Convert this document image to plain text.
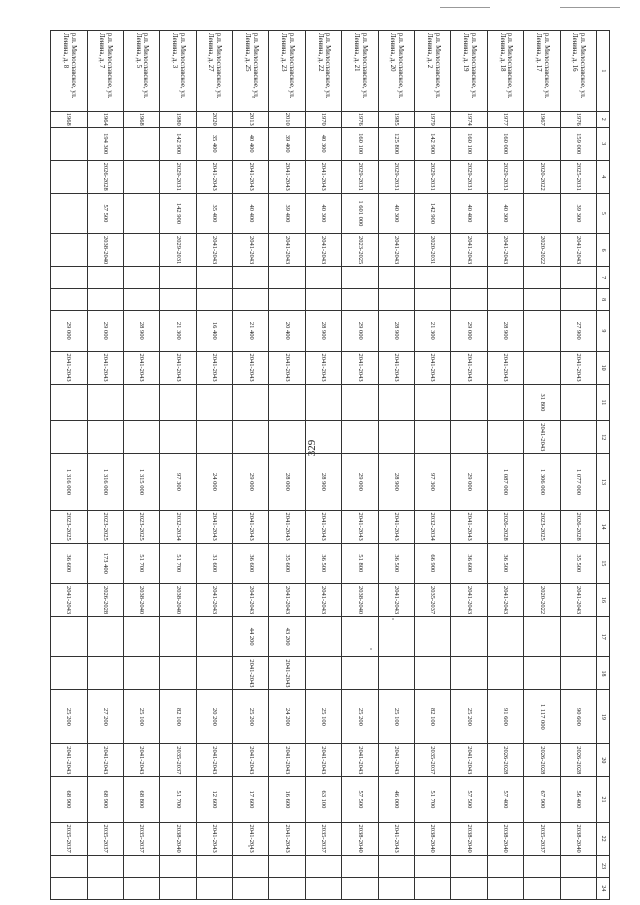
329
1	2	3	4	5	6	7	8	9	10	11	12	13	14	15	16	17	18	19	20	21	22	23	24
р.п. Милославское, ул. Ленина, д. 16	1976	159 000	2025-2031	39 300	2041-2043			27 900	2041-2043			1 077 000	2026-2028	35 500	2041-2043			90 600	2026-2028	56 400	2038-2040		
р.п. Милославское, ул. Ленина, д. 17	1967		2020-2022		2020-2022					31 800	2041-2043	1 306 000	2023-2025		2020-2022			1 117 000	2026-2028	67 900	2035-2037		
р.п. Милославское, ул. Ленина, д. 18	1977	160 000	2029-2031	40 300	2041-2043			28 900	2041-2043			1 087 000	2026-2028	36 500	2041-2043			91 600	2026-2028	57 400	2038-2040		
р.п. Милославское, ул. Ленина, д. 19	1974	160 100	2029-2031	40 400	2041-2043			29 000	2041-2043			29 000	2041-2043	36 600	2041-2043			25 200	2041-2043	57 500	2038-2040		
р.п. Милославское, ул. Ленина, д. 2	1979	142 900	2029-2031	142 900	2020-2031			21 300	2041-2043			97 300	2032-2034	66 900	2035-2037			82 100	2035-2037	51 700	2038-2040		
р.п. Милославское, ул. Ленина, д. 20	1985	125 800	2029-2031	40 300	2041-2043			28 900	2041-2043			28 900	2041-2043	36 500	2041-2043			25 100	2041-2043	46 000	2041-2043		
р.п. Милославское, ул. Ленина, д. 21	1976	160 100	2029-2031	1 601 000	2023-2025			29 000	2041-2043			29 000	2041-2043	51 800	2038-2040			25 200	2041-2043	57 500	2038-2040		
р.п. Милославское, ул. Ленина, д. 22	1970	40 300	2041-2043	40 300	2041-2043			28 900	2041-2043			28 900	2041-2043	36 500	2041-2043			25 100	2041-2043	63 100	2035-2037		
р.п. Милославское, ул. Ленина, д. 23	2010	39 400	2041-2043	39 400	2041-2043			20 400	2041-2043			28 000	2041-2043	35 600	2041-2043	43 200	2041-2043	24 200	2041-2043	16 600	2041-2043		
р.п. Милославское, ул. Ленина, д. 25	2013	40 400	2041-2043	40 400	2041-2043			21 400	2041-2043			29 000	2041-2043	36 600	2041-2043	44 200	2041-2043	25 200	2041-2043	17 600	2041-2043		
р.п. Милославское, ул. Ленина, д. 27	2020	35 400	2041-2043	35 400	2041-2043			16 400	2041-2043			24 000	2041-2043	31 600	2041-2043			20 200	2041-2043	12 600	2041-2043		
р.п. Милославское, ул. Ленина, д. 3	1980	142 900	2029-2031	142 900	2029-2031			21 300	2041-2043			97 300	2032-2034	51 700	2038-2040			82 100	2035-2037	51 700	2038-2040		
р.п. Милославское, ул. Ленина, д. 5	1968							28 900	2041-2043			1 315 000	2023-2025	51 700	2038-2040			25 100	2041-2043	68 800	2035-2037		
р.п. Милославское, ул. Ленина, д. 7	1964	194 300	2026-2028	57 500	2038-2040			29 000	2041-2043			1 316 000	2023-2025	173 400	2026-2028			27 200	2041-2043	68 900	2035-2037		
р.п. Милославское, ул. Ленина, д. 8	1968							29 000	2041-2043			1 316 000	2023-2025	36 600	2041-2043			25 200	2041-2043	68 900	2035-2037		
